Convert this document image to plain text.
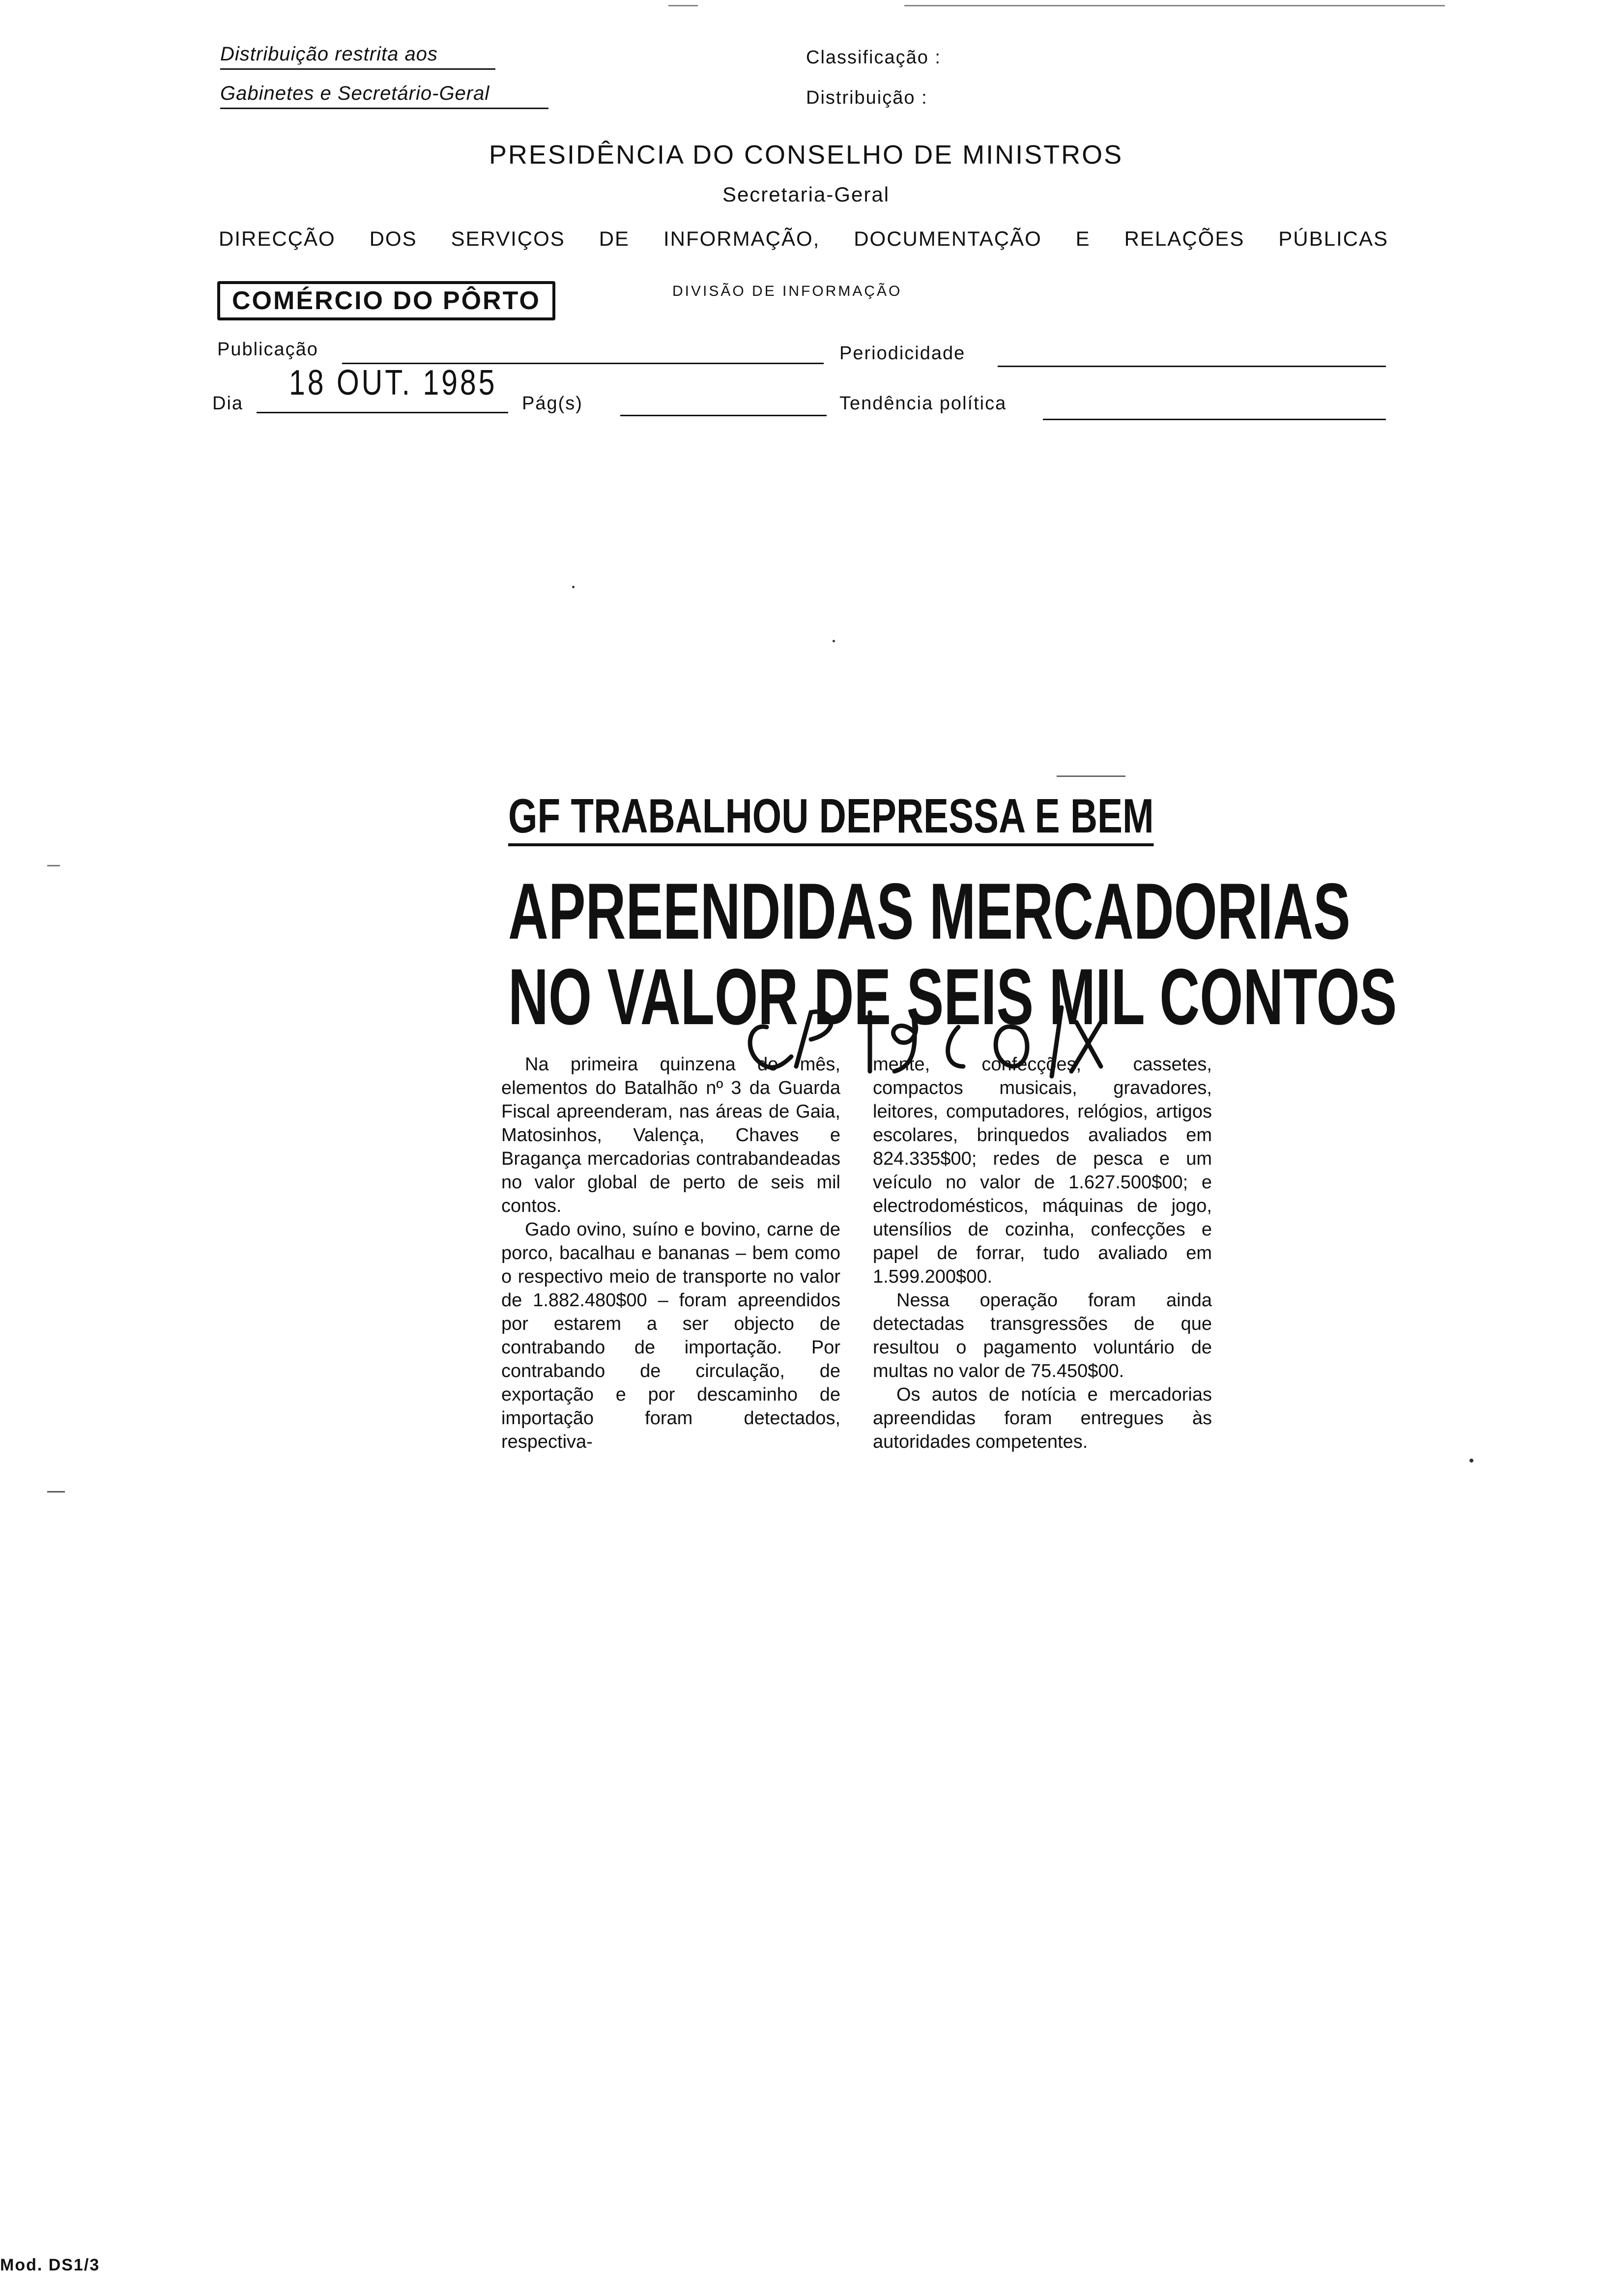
Distribuição restrita aos
Gabinetes e Secretário-Geral
Classificação :
Distribuição :
PRESIDÊNCIA DO CONSELHO DE MINISTROS
Secretaria-Geral
DIRECÇÃO DOS SERVIÇOS DE INFORMAÇÃO, DOCUMENTAÇÃO E RELAÇÕES PÚBLICAS
DIVISÃO DE INFORMAÇÃO
COMÉRCIO DO PÔRTO
Publicação	Periodicidade
Dia
18 OUT. 1985
Pág(s)	Tendência política
GF TRABALHOU DEPRESSA E BEM
APREENDIDAS MERCADORIAS
NO VALOR DE SEIS MIL CONTOS

Na primeira quinzena do mês, elementos do Batalhão nº 3 da Guarda Fiscal apreenderam, nas áreas de Gaia, Matosinhos, Valença, Chaves e Bragança mercadorias contrabandeadas no valor global de perto de seis mil contos.

Gado ovino, suíno e bovino, carne de porco, bacalhau e bananas – bem como o respectivo meio de transporte no valor de 1.882.480$00 – foram apreendidos por estarem a ser objecto de contrabando de importação. Por contrabando de circulação, de exportação e por descaminho de importação foram detectados, respectiva-

mente, confecções, cassetes, compactos musicais, gravadores, leitores, computadores, relógios, artigos escolares, brinquedos avaliados em 824.335$00; redes de pesca e um veículo no valor de 1.627.500$00; e electrodomésticos, máquinas de jogo, utensílios de cozinha, confecções e papel de forrar, tudo avaliado em 1.599.200$00.

Nessa operação foram ainda detectadas transgressões de que resultou o pagamento voluntário de multas no valor de 75.450$00.

Os autos de notícia e mercadorias apreendidas foram entregues às autoridades competentes.

Mod. DS1/3
